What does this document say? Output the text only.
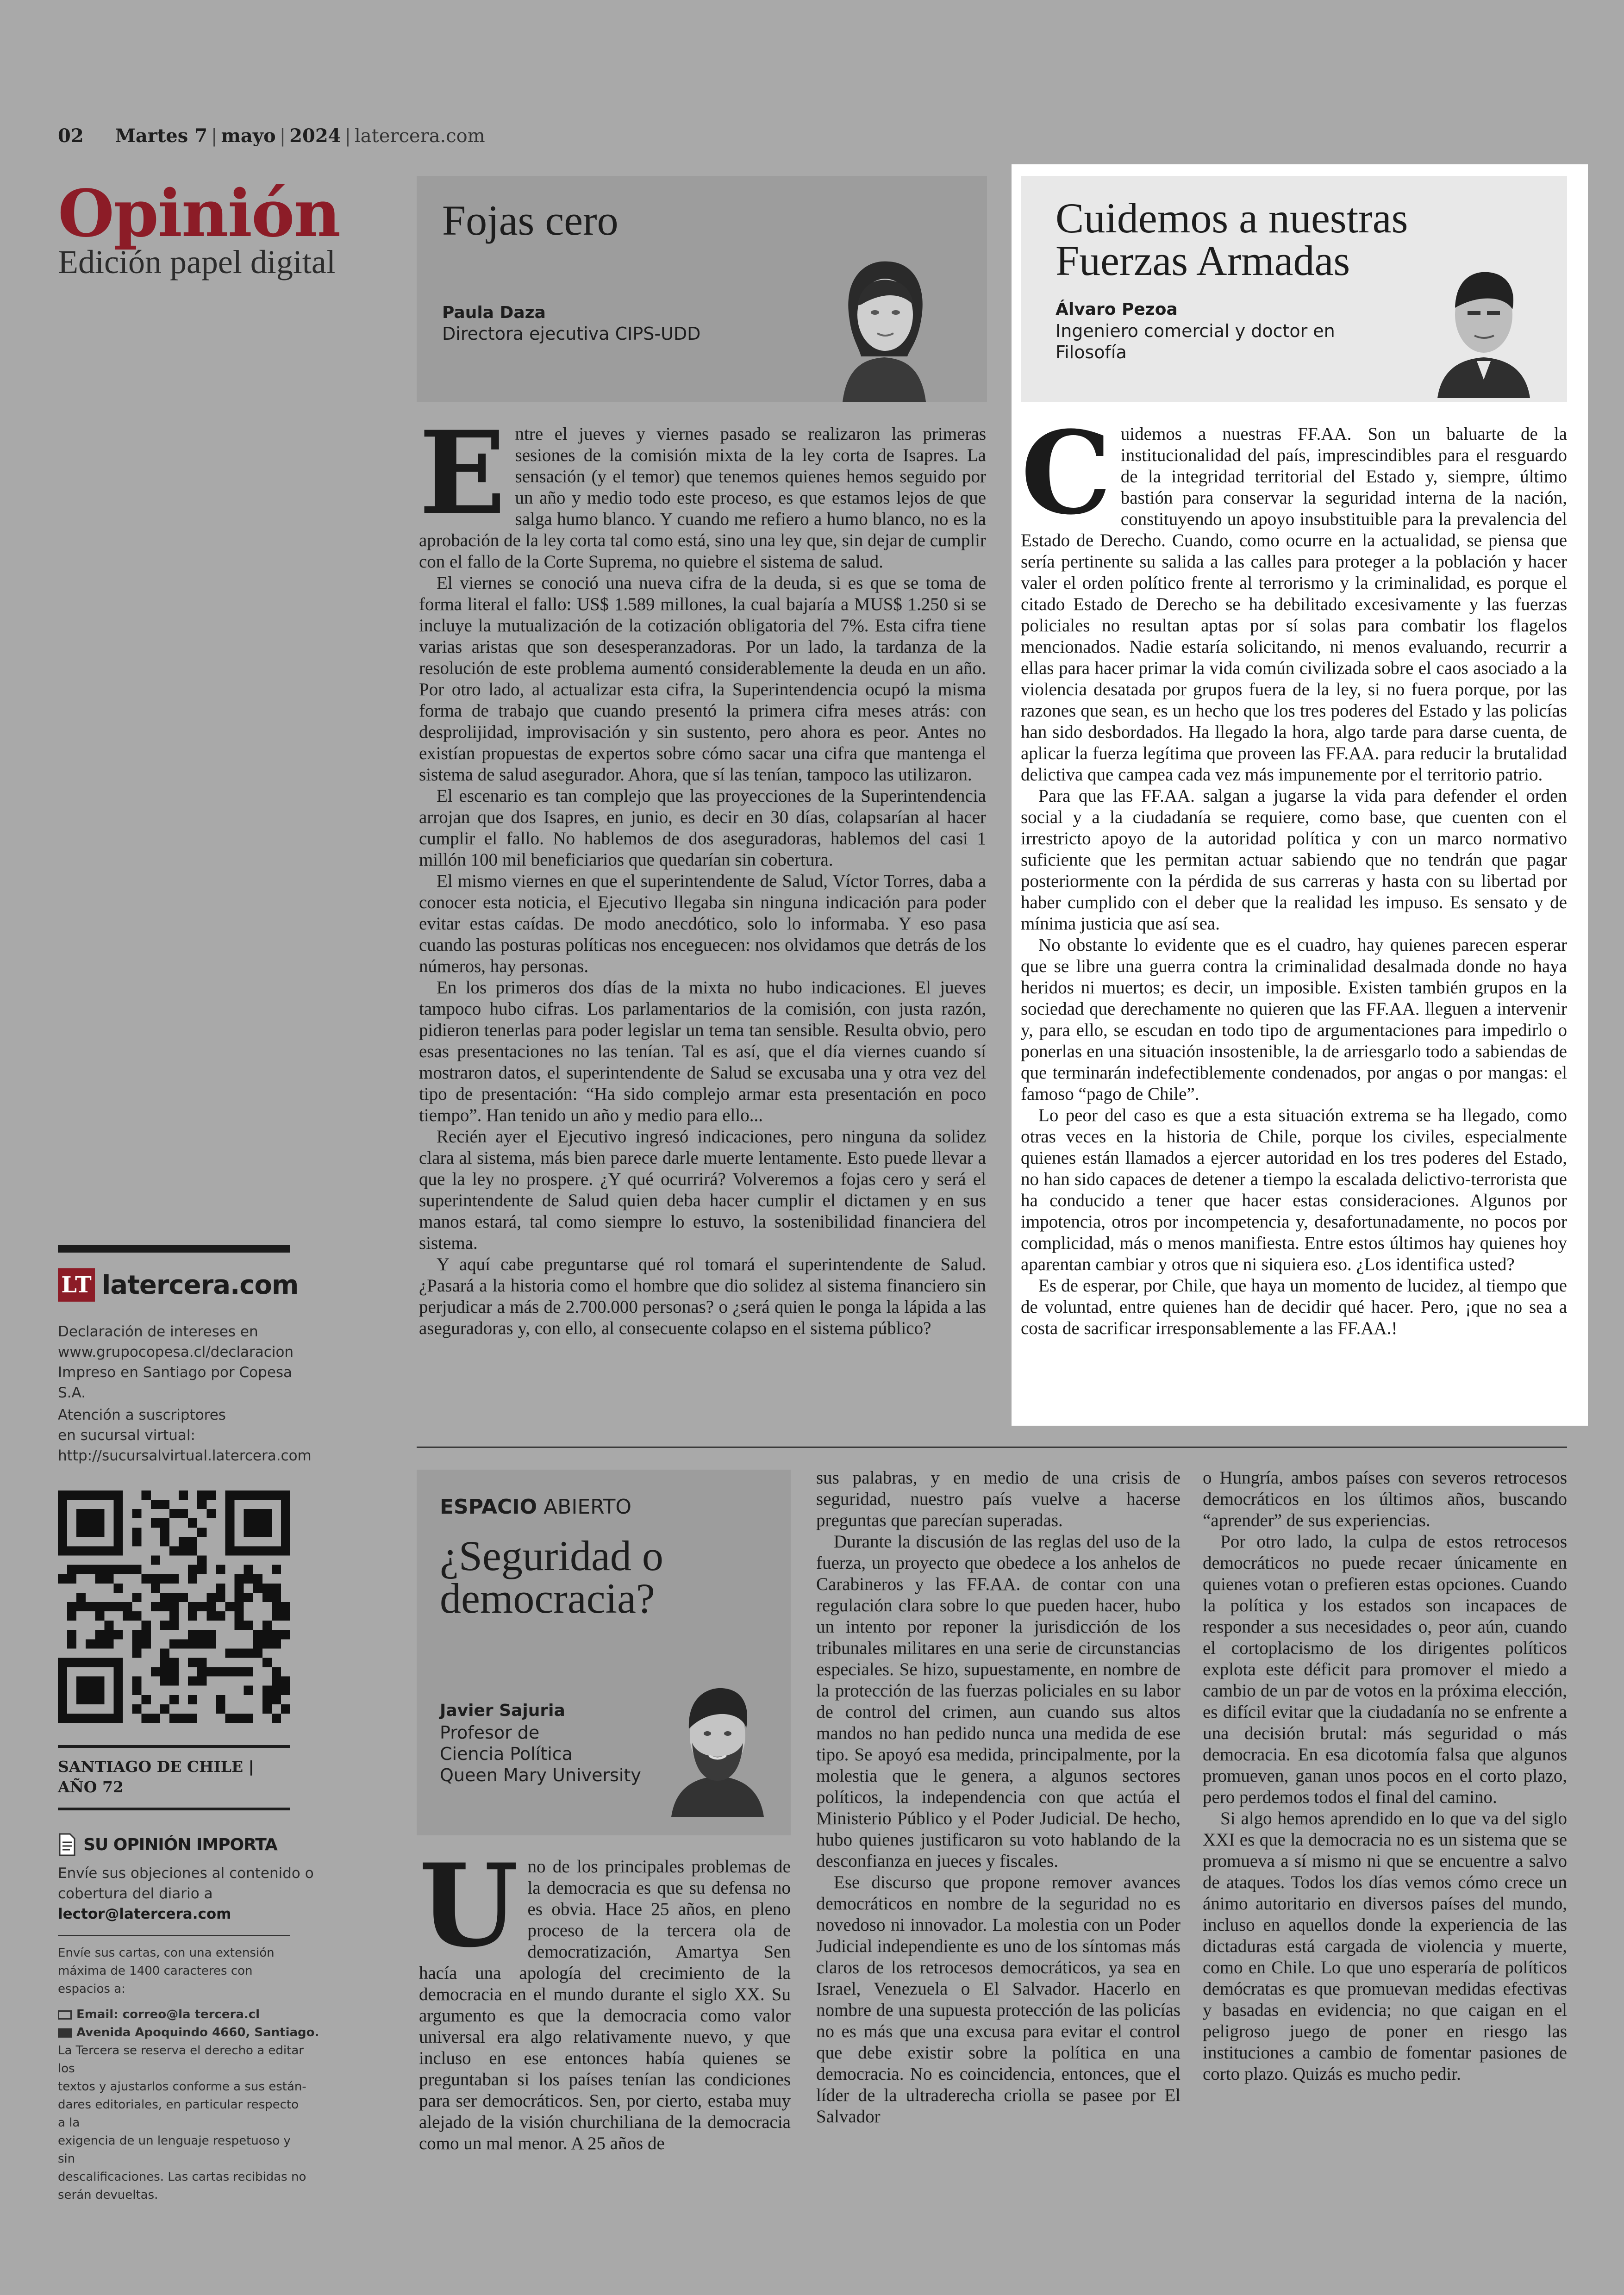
02 Martes 7 | mayo | 2024 | latercera.com
Opinión
Edición papel digital
Fojas cero
Paula Daza
Directora ejecutiva CIPS-UDD
E ntre el jueves y viernes pasado se realizaron las primeras sesiones de la comisión mixta de la ley corta de Isapres. La sensación (y el temor) que tenemos quienes hemos seguido por un año y medio todo este proceso, es que estamos lejos de que salga humo blanco. Y cuando me refiero a humo blanco, no es la aprobación de la ley corta tal como está, sino una ley que, sin dejar de cumplir con el fallo de la Corte Suprema, no quiebre el sistema de salud.

El viernes se conoció una nueva cifra de la deuda, si es que se toma de forma literal el fallo: US$ 1.589 millones, la cual bajaría a MUS$ 1.250 si se incluye la mutualización de la cotización obligatoria del 7%. Esta cifra tiene varias aristas que son desesperanzadoras. Por un lado, la tardanza de la resolución de este problema aumentó considerablemente la deuda en un año. Por otro lado, al actualizar esta cifra, la Superintendencia ocupó la misma forma de trabajo que cuando presentó la primera cifra meses atrás: con desprolijidad, improvisación y sin sustento, pero ahora es peor. Antes no existían propuestas de expertos sobre cómo sacar una cifra que mantenga el sistema de salud asegurador. Ahora, que sí las tenían, tampoco las utilizaron.

El escenario es tan complejo que las proyecciones de la Superintendencia arrojan que dos Isapres, en junio, es decir en 30 días, colapsarían al hacer cumplir el fallo. No hablemos de dos aseguradoras, hablemos del casi 1 millón 100 mil beneficiarios que quedarían sin cobertura.

El mismo viernes en que el superintendente de Salud, Víctor Torres, daba a conocer esta noticia, el Ejecutivo llegaba sin ninguna indicación para poder evitar estas caídas. De modo anecdótico, solo lo informaba. Y eso pasa cuando las posturas políticas nos enceguecen: nos olvidamos que detrás de los números, hay personas.

En los primeros dos días de la mixta no hubo indicaciones. El jueves tampoco hubo cifras. Los parlamentarios de la comisión, con justa razón, pidieron tenerlas para poder legislar un tema tan sensible. Resulta obvio, pero esas presentaciones no las tenían. Tal es así, que el día viernes cuando sí mostraron datos, el superintendente de Salud se excusaba una y otra vez del tipo de presentación: “Ha sido complejo armar esta presentación en poco tiempo”. Han tenido un año y medio para ello...

Recién ayer el Ejecutivo ingresó indicaciones, pero ninguna da solidez clara al sistema, más bien parece darle muerte lentamente. Esto puede llevar a que la ley no prospere. ¿Y qué ocurrirá? Volveremos a fojas cero y será el superintendente de Salud quien deba hacer cumplir el dictamen y en sus manos estará, tal como siempre lo estuvo, la sostenibilidad financiera del sistema.

Y aquí cabe preguntarse qué rol tomará el superintendente de Salud. ¿Pasará a la historia como el hombre que dio solidez al sistema financiero sin perjudicar a más de 2.700.000 personas? o ¿será quien le ponga la lápida a las aseguradoras y, con ello, al consecuente colapso en el sistema público?

Cuidemos a nuestras
Fuerzas Armadas
Álvaro Pezoa
Ingeniero comercial y doctor en Filosofía
C uidemos a nuestras FF.AA. Son un baluarte de la institucionalidad del país, imprescindibles para el resguardo de la integridad territorial del Estado y, siempre, último bastión para conservar la seguridad interna de la nación, constituyendo un apoyo insubstituible para la prevalencia del Estado de Derecho. Cuando, como ocurre en la actualidad, se piensa que sería pertinente su salida a las calles para proteger a la población y hacer valer el orden político frente al terrorismo y la criminalidad, es porque el citado Estado de Derecho se ha debilitado excesivamente y las fuerzas policiales no resultan aptas por sí solas para combatir los flagelos mencionados. Nadie estaría solicitando, ni menos evaluando, recurrir a ellas para hacer primar la vida común civilizada sobre el caos asociado a la violencia desatada por grupos fuera de la ley, si no fuera porque, por las razones que sean, es un hecho que los tres poderes del Estado y las policías han sido desbordados. Ha llegado la hora, algo tarde para darse cuenta, de aplicar la fuerza legítima que proveen las FF.AA. para reducir la brutalidad delictiva que campea cada vez más impunemente por el territorio patrio.

Para que las FF.AA. salgan a jugarse la vida para defender el orden social y a la ciudadanía se requiere, como base, que cuenten con el irrestricto apoyo de la autoridad política y con un marco normativo suficiente que les permitan actuar sabiendo que no tendrán que pagar posteriormente con la pérdida de sus carreras y hasta con su libertad por haber cumplido con el deber que la realidad les impuso. Es sensato y de mínima justicia que así sea.

No obstante lo evidente que es el cuadro, hay quienes parecen esperar que se libre una guerra contra la criminalidad desalmada donde no haya heridos ni muertos; es decir, un imposible. Existen también grupos en la sociedad que derechamente no quieren que las FF.AA. lleguen a intervenir y, para ello, se escudan en todo tipo de argumentaciones para impedirlo o ponerlas en una situación insostenible, la de arriesgarlo todo a sabiendas de que terminarán indefectiblemente condenados, por angas o por mangas: el famoso “pago de Chile”.

Lo peor del caso es que a esta situación extrema se ha llegado, como otras veces en la historia de Chile, porque los civiles, especialmente quienes están llamados a ejercer autoridad en los tres poderes del Estado, no han sido capaces de detener a tiempo la escalada delictivo-terrorista que ha conducido a tener que hacer estas consideraciones. Algunos por impotencia, otros por incompetencia y, desafortunadamente, no pocos por complicidad, más o menos manifiesta. Entre estos últimos hay quienes hoy aparentan cambiar y otros que ni siquiera eso. ¿Los identifica usted?

Es de esperar, por Chile, que haya un momento de lucidez, al tiempo que de voluntad, entre quienes han de decidir qué hacer. Pero, ¡que no sea a costa de sacrificar irresponsablemente a las FF.AA.!

ESPACIO ABIERTO
¿Seguridad o
democracia?
Javier Sajuria
Profesor de
Ciencia Política
Queen Mary University
U no de los principales problemas de la democracia es que su defensa no es obvia. Hace 25 años, en pleno proceso de la tercera ola de democratización, Amartya Sen hacía una apología del crecimiento de la democracia en el mundo durante el siglo XX. Su argumento es que la democracia como valor universal era algo relativamente nuevo, y que incluso en ese entonces había quienes se preguntaban si los países tenían las condiciones para ser democráticos. Sen, por cierto, estaba muy alejado de la visión churchiliana de la democracia como un mal menor. A 25 años de

sus palabras, y en medio de una crisis de seguridad, nuestro país vuelve a hacerse preguntas que parecían superadas.

Durante la discusión de las reglas del uso de la fuerza, un proyecto que obedece a los anhelos de Carabineros y las FF.AA. de contar con una regulación clara sobre lo que pueden hacer, hubo un intento por reponer la jurisdicción de los tribunales militares en una serie de circunstancias especiales. Se hizo, supuestamente, en nombre de la protección de las fuerzas policiales en su labor de control del crimen, aun cuando sus altos mandos no han pedido nunca una medida de ese tipo. Se apoyó esa medida, principalmente, por la molestia que le genera, a algunos sectores políticos, la independencia con que actúa el Ministerio Público y el Poder Judicial. De hecho, hubo quienes justificaron su voto hablando de la desconfianza en jueces y fiscales.

Ese discurso que propone remover avances democráticos en nombre de la seguridad no es novedoso ni innovador. La molestia con un Poder Judicial independiente es uno de los síntomas más claros de los retrocesos democráticos, ya sea en Israel, Venezuela o El Salvador. Hacerlo en nombre de una supuesta protección de las policías no es más que una excusa para evitar el control que debe existir sobre la política en una democracia. No es coincidencia, entonces, que el líder de la ultraderecha criolla se pasee por El Salvador

o Hungría, ambos países con severos retrocesos democráticos en los últimos años, buscando “aprender” de sus experiencias.

Por otro lado, la culpa de estos retrocesos democráticos no puede recaer únicamente en quienes votan o prefieren estas opciones. Cuando la política y los estados son incapaces de responder a sus necesidades o, peor aún, cuando el cortoplacismo de los dirigentes políticos explota este déficit para promover el miedo a cambio de un par de votos en la próxima elección, es difícil evitar que la ciudadanía no se enfrente a una decisión brutal: más seguridad o más democracia. En esa dicotomía falsa que algunos promueven, ganan unos pocos en el corto plazo, pero perdemos todos el final del camino.

Si algo hemos aprendido en lo que va del siglo XXI es que la democracia no es un sistema que se promueva a sí mismo ni que se encuentre a salvo de ataques. Todos los días vemos cómo crece un ánimo autoritario en diversos países del mundo, incluso en aquellos donde la experiencia de las dictaduras está cargada de violencia y muerte, como en Chile. Lo que uno esperaría de políticos demócratas es que promuevan medidas efectivas y basadas en evidencia; no que caigan en el peligroso juego de poner en riesgo las instituciones a cambio de fomentar pasiones de corto plazo. Quizás es mucho pedir.

LT latercera.com
Declaración de intereses en
www.grupocopesa.cl/declaracion
Impreso en Santiago por Copesa S.A.
Atención a suscriptores
en sucursal virtual:
http://sucursalvirtual.latercera.com
SANTIAGO DE CHILE |
AÑO 72
SU OPINIÓN IMPORTA
Envíe sus objeciones al contenido o
cobertura del diario a
lector@latercera.com
Envíe sus cartas, con una extensión
máxima de 1400 caracteres con
espacios a:
Email: correo@la tercera.cl
Avenida Apoquindo 4660, Santiago.
La Tercera se reserva el derecho a editar los
textos y ajustarlos conforme a sus están-
dares editoriales, en particular respecto a la
exigencia de un lenguaje respetuoso y sin
descalificaciones. Las cartas recibidas no
serán devueltas.
